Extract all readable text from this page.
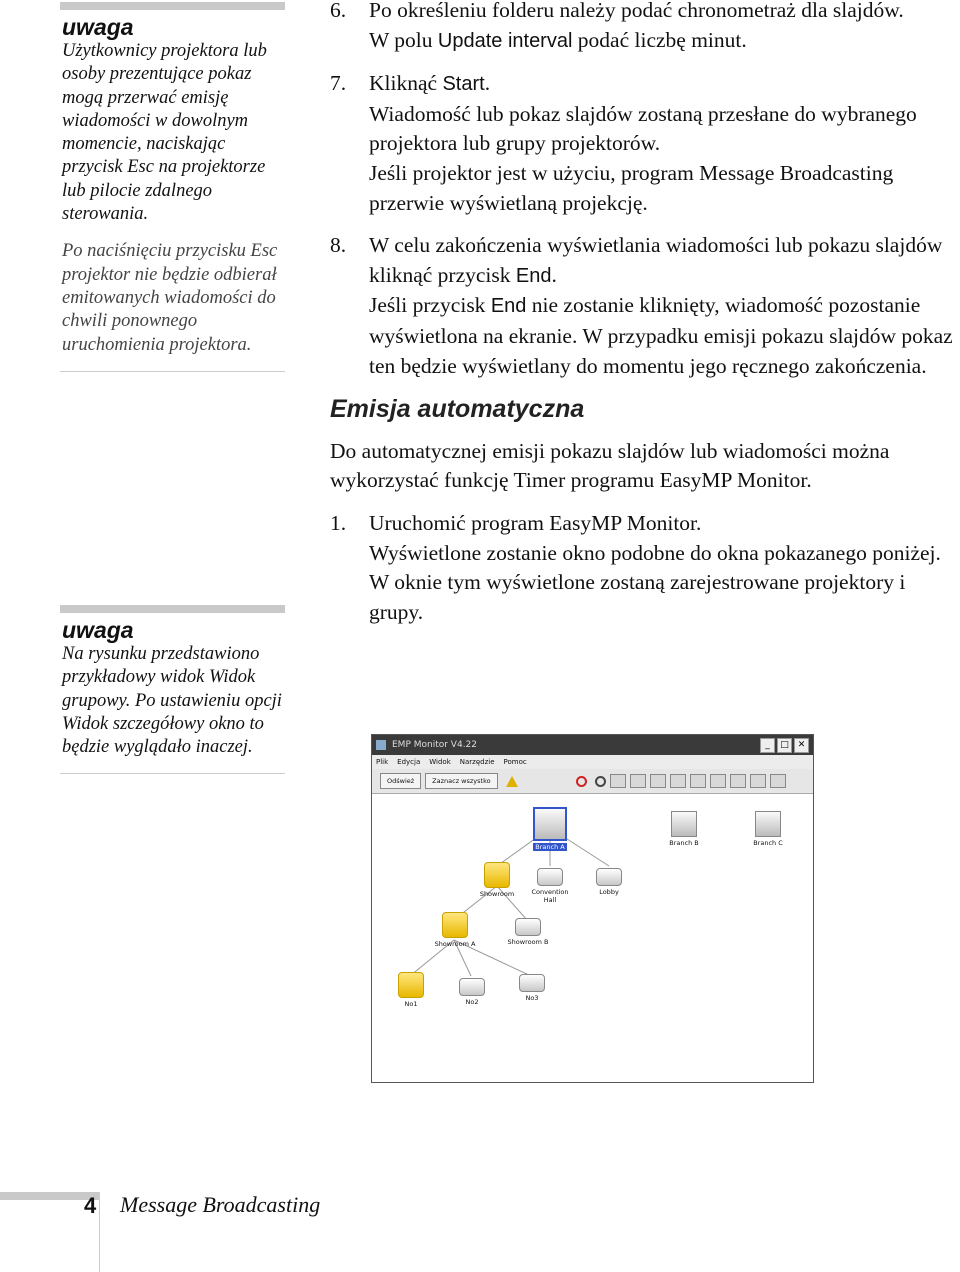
uwaga

Użytkownicy projektora lub osoby prezentujące pokaz mogą przerwać emisję wiadomości w dowolnym momencie, naciskając przycisk Esc na projektorze lub pilocie zdalnego sterowania.

Po naciśnięciu przycisku Esc projektor nie będzie odbierał emitowanych wiadomości do chwili ponownego uruchomienia projektora.

uwaga

Na rysunku przedstawiono przykładowy widok Widok grupowy. Po ustawieniu opcji Widok szczegółowy okno to będzie wyglądało inaczej.

6. Po określeniu folderu należy podać chronometraż dla slajdów.
W polu Update interval podać liczbę minut.
7. Kliknąć Start.
Wiadomość lub pokaz slajdów zostaną przesłane do wybranego projektora lub grupy projektorów.
Jeśli projektor jest w użyciu, program Message Broadcasting przerwie wyświetlaną projekcję.
8. W celu zakończenia wyświetlania wiadomości lub pokazu slajdów kliknąć przycisk End.
Jeśli przycisk End nie zostanie kliknięty, wiadomość pozostanie wyświetlona na ekranie. W przypadku emisji pokazu slajdów pokaz ten będzie wyświetlany do momentu jego ręcznego zakończenia.
Emisja automatyczna
Do automatycznej emisji pokazu slajdów lub wiadomości można wykorzystać funkcję Timer programu EasyMP Monitor.
1. Uruchomić program EasyMP Monitor.
Wyświetlone zostanie okno podobne do okna pokazanego poniżej. W oknie tym wyświetlone zostaną zarejestrowane projektory i grupy.
EMP Monitor V4.22	_	□ ✕
Plik Edycja Widok Narzędzie Pomoc
Odśwież	Zaznacz wszystko
Branch A	Branch B	Branch C
Showroom	Convention Hall
Lobby
Showroom A	Showroom B
No1	No2	No3
4 Message Broadcasting
